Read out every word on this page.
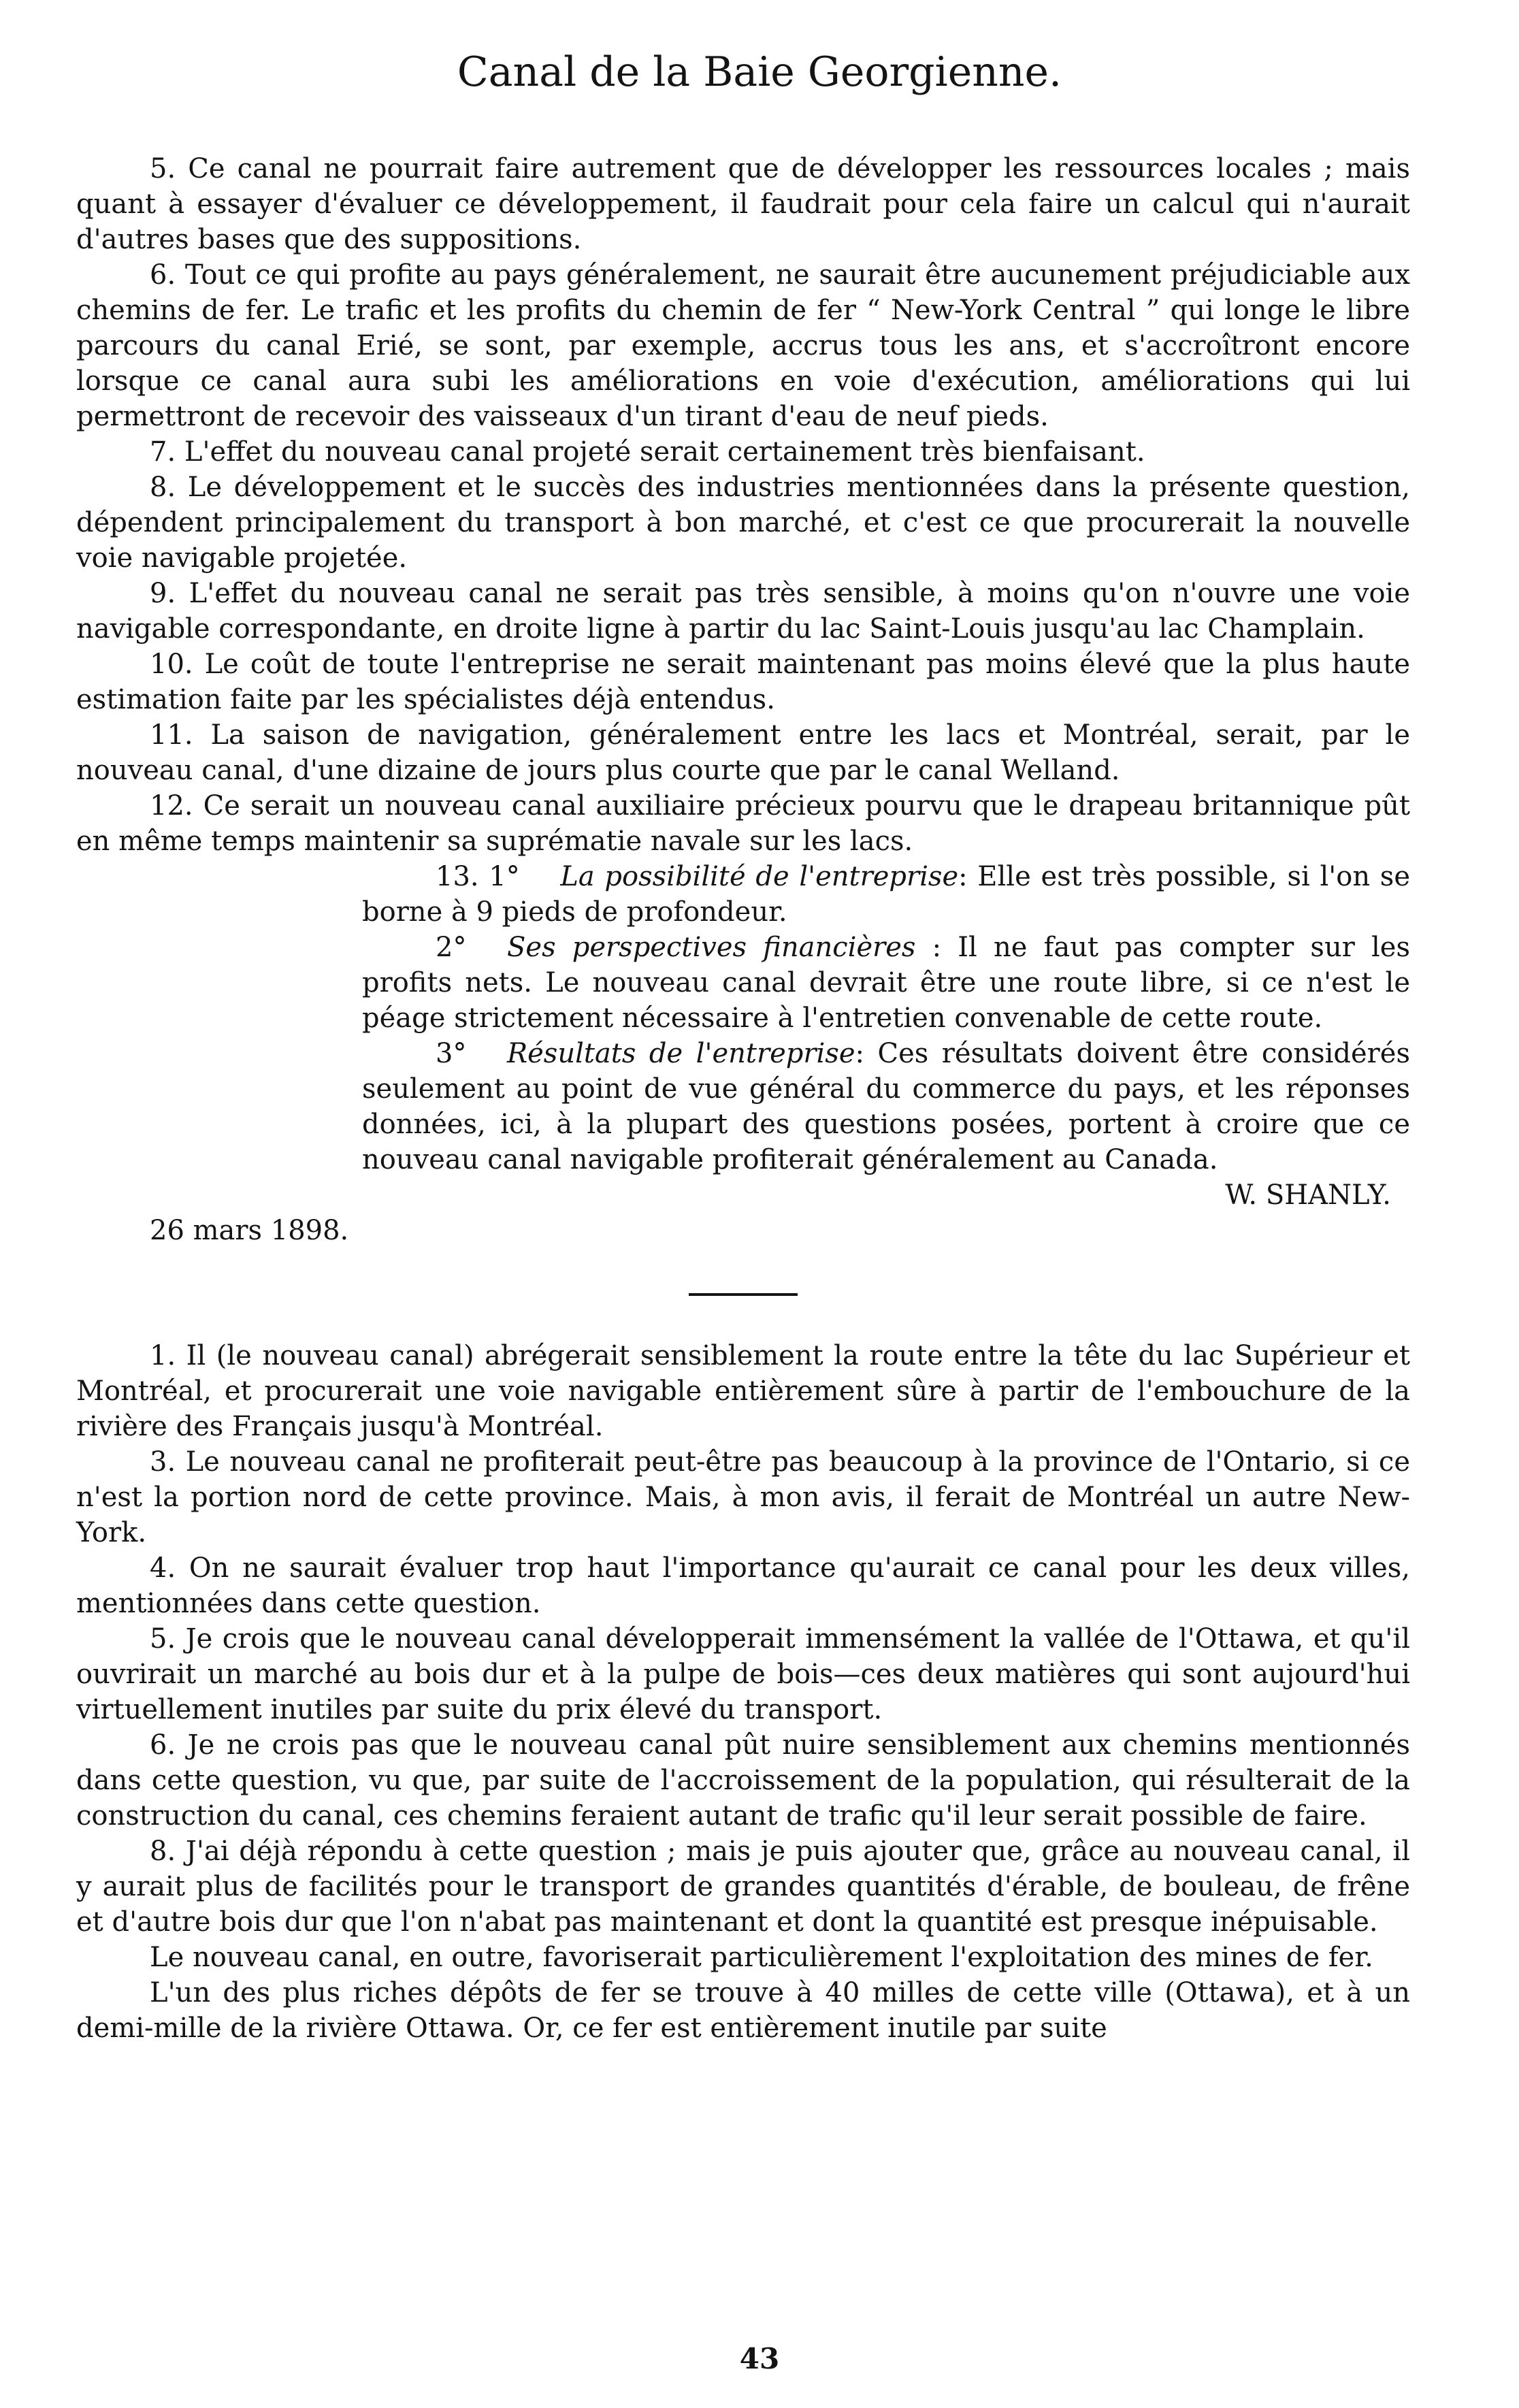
Canal de la Baie Georgienne.

5. Ce canal ne pourrait faire autrement que de développer les ressources locales ; mais quant à essayer d'évaluer ce développement, il faudrait pour cela faire un calcul qui n'aurait d'autres bases que des suppositions.

6. Tout ce qui profite au pays généralement, ne saurait être aucunement préjudiciable aux chemins de fer. Le trafic et les profits du chemin de fer “ New-York Central ” qui longe le libre parcours du canal Erié, se sont, par exemple, accrus tous les ans, et s'accroîtront encore lorsque ce canal aura subi les améliorations en voie d'exécution, améliorations qui lui permettront de recevoir des vaisseaux d'un tirant d'eau de neuf pieds.

7. L'effet du nouveau canal projeté serait certainement très bienfaisant.

8. Le développement et le succès des industries mentionnées dans la présente question, dépendent principalement du transport à bon marché, et c'est ce que procurerait la nouvelle voie navigable projetée.

9. L'effet du nouveau canal ne serait pas très sensible, à moins qu'on n'ouvre une voie navigable correspondante, en droite ligne à partir du lac Saint-Louis jusqu'au lac Champlain.

10. Le coût de toute l'entreprise ne serait maintenant pas moins élevé que la plus haute estimation faite par les spécialistes déjà entendus.

11. La saison de navigation, généralement entre les lacs et Montréal, serait, par le nouveau canal, d'une dizaine de jours plus courte que par le canal Welland.

12. Ce serait un nouveau canal auxiliaire précieux pourvu que le drapeau britannique pût en même temps maintenir sa suprématie navale sur les lacs.

13. 1° La possibilité de l'entreprise: Elle est très possible, si l'on se borne à 9 pieds de profondeur.

2° Ses perspectives financières : Il ne faut pas compter sur les profits nets. Le nouveau canal devrait être une route libre, si ce n'est le péage strictement nécessaire à l'entretien convenable de cette route.

3° Résultats de l'entreprise: Ces résultats doivent être considérés seulement au point de vue général du commerce du pays, et les réponses données, ici, à la plupart des questions posées, portent à croire que ce nouveau canal navigable profiterait généralement au Canada.

W. SHANLY.

26 mars 1898.

1. Il (le nouveau canal) abrégerait sensiblement la route entre la tête du lac Supérieur et Montréal, et procurerait une voie navigable entièrement sûre à partir de l'embouchure de la rivière des Français jusqu'à Montréal.

3. Le nouveau canal ne profiterait peut-être pas beaucoup à la province de l'Ontario, si ce n'est la portion nord de cette province. Mais, à mon avis, il ferait de Montréal un autre New-York.

4. On ne saurait évaluer trop haut l'importance qu'aurait ce canal pour les deux villes, mentionnées dans cette question.

5. Je crois que le nouveau canal développerait immensément la vallée de l'Ottawa, et qu'il ouvrirait un marché au bois dur et à la pulpe de bois—ces deux matières qui sont aujourd'hui virtuellement inutiles par suite du prix élevé du transport.

6. Je ne crois pas que le nouveau canal pût nuire sensiblement aux chemins mentionnés dans cette question, vu que, par suite de l'accroissement de la population, qui résulterait de la construction du canal, ces chemins feraient autant de trafic qu'il leur serait possible de faire.

8. J'ai déjà répondu à cette question ; mais je puis ajouter que, grâce au nouveau canal, il y aurait plus de facilités pour le transport de grandes quantités d'érable, de bouleau, de frêne et d'autre bois dur que l'on n'abat pas maintenant et dont la quantité est presque inépuisable.

Le nouveau canal, en outre, favoriserait particulièrement l'exploitation des mines de fer.

L'un des plus riches dépôts de fer se trouve à 40 milles de cette ville (Ottawa), et à un demi-mille de la rivière Ottawa. Or, ce fer est entièrement inutile par suite

43
